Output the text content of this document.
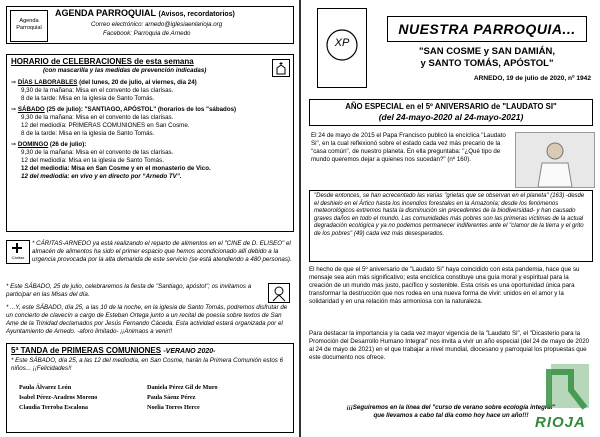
Agenda
Parroquial
AGENDA PARROQUIAL (Avisos, recordatorios)
Correo electrónico: arnedo@iglesiaenlarioja.org
Facebook: Parroquia de Arnedo
HORARIO de CELEBRACIONES de esta semana
(con mascarilla y las medidas de prevención indicadas)
⇒ DÍAS LABORABLES (del lunes, 20 de julio, al viernes, día 24)
9,30 de la mañana: Misa en el convento de las clarisas.
8 de la tarde: Misa en la iglesia de Santo Tomás.
⇒ SÁBADO (25 de julio): "SANTIAGO, APÓSTOL" (horarios de los "sábados)
9,30 de la mañana: Misa en el convento de las clarisas.
12 del mediodía: PRIMERAS COMUNIONES en San Cosme.
8 de la tarde: Misa en la iglesia de Santo Tomás.
⇒ DOMINGO (26 de julio):
9,30 de la mañana: Misa en el convento de las clarisas.
12 del mediodía: Misa en la iglesia de Santo Tomás.
12 del mediodía: Misa en San Cosme y en el monasterio de Vico.
12 del mediodía: en vivo y en directo por “Arnedo TV”.
Cáritas
* CÁRITAS-ARNEDO ya está realizando el reparto de alimentos en el "CINE de D. ELISEO" el almacén de alimentos ha sido el primer espacio que hemos acondicionado allí debido a la urgencia provocada por la alta demanda de este servicio (se está atendiendo a 480 personas).
* Este SÁBADO, 25 de julio, celebraremos la fiesta de "Santiago, apóstol"; os invitamos a participar en las Misas del día.
* ...Y, este SÁBADO, día 25, a las 10 de la noche, en la iglesia de Santo Tomás, podremos disfrutar de un concierto de clavecín a cargo de Esteban Ortega junto a un recital de poesía sobre textos de San Ame de la Trinidad declamados por Jesús Fernando Cáceda. Esta actividad estará organizada por el Ayuntamiento de Arnedo. -aforo limitado- ¡¡Animaos a venir!!
5ª TANDA de PRIMERAS COMUNIONES -VERANO 2020-
* Este SÁBADO, día 25, a las 12 del mediodía, en San Cosme, harán la Primera Comunión estos 6 niños... ¡¡Felicidades!!
Paula Álvarez León	Daniela Pérez Gil de Muro
Isabel Pérez-Aradros Moreno	Paula Sáenz Pérez
Claudia Terroba Escalona	Noelia Torres Herce
XP
NUESTRA PARROQUIA...
"SAN COSME y SAN DAMIÁN,
y SANTO TOMÁS, APÓSTOL"
ARNEDO, 19 de julio de 2020, nº 1942
AÑO ESPECIAL en el 5º ANIVERSARIO de "LAUDATO SI"
(del 24-mayo-2020 al 24-mayo-2021)
El 24 de mayo de 2015 el Papa Francisco publicó la encíclica "Laudato Si", en la cual reflexionó sobre el estado cada vez más precario de la "casa común", de nuestro planeta. En ella preguntaba: "¿Qué tipo de mundo queremos dejar a quienes nos sucedan?" (nº 160).
"Desde entonces, se han acrecentado las varias "grietas que se observan en el planeta" (163) -desde el deshielo en el Ártico hasta los incendios forestales en la Amazonía; desde los fenómenos meteorológicos extremos hasta la disminución sin precedentes de la biodiversidad- y han causado graves daños en todo el mundo. Las comunidades más pobres son las primeras víctimas de la actual degradación ecológica y ya no podemos permanecer indiferentes ante el "clamor de la tierra y el grito de los pobres" (49) cada vez más desesperados.
El hecho de que el 5º aniversario de "Laudato Si" haya coincidido con esta pandemia, hace que su mensaje sea aún más significativo; esta encíclica constituye una guía moral y espiritual para la creación de un mundo más justo, pacífico y sostenible. Esta crisis es una oportunidad única para transformar la destrucción que nos rodea en una nueva forma de vivir: unidos en el amor y la solidaridad y en una relación más armoniosa con la naturaleza.
Para destacar la importancia y la cada vez mayor vigencia de la "Laudato Si", el "Dicasterio para la Promoción del Desarrollo Humano Integral" nos invita a vivir un año especial (del 24 de mayo de 2020 al 24 de mayo de 2021) en el que trabajar a nivel mundial, diocesano y parroquial los propuestas que este documento nos ofrece.
¡¡¡Seguiremos en la línea del "curso de verano sobre ecología integral"
que llevamos a cabo tal día como hoy hace un año!!! RIOJA
